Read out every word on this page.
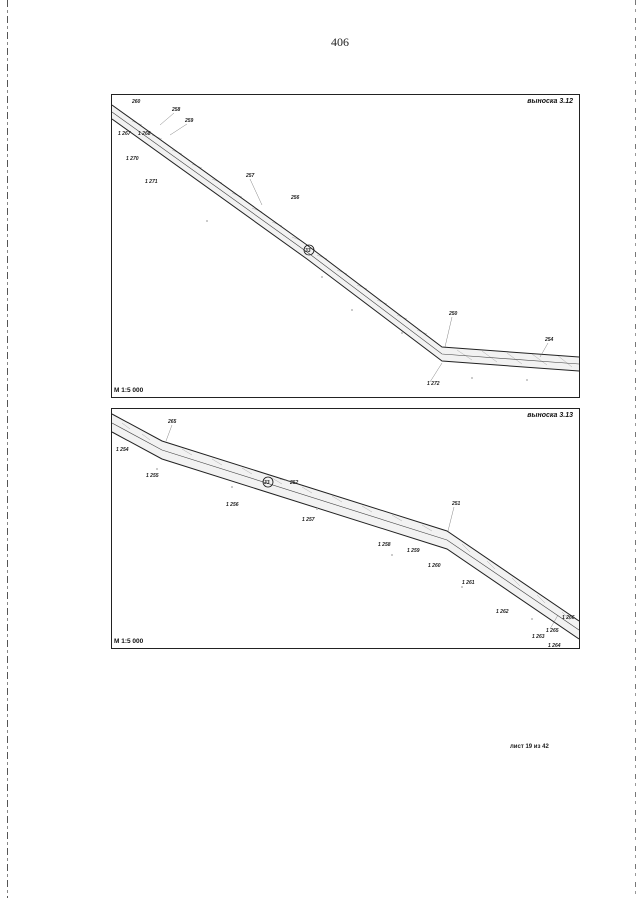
406
33
260
258
259
1 267 1 268
1 270
1 271
257
256
250
254
1 272
выноска 3.12
М 1:5 000
33
265
1 254
1 255
1 256
252
1 257
1 258
251
1 259
1 260
1 261
1 262
1 266
1 263
1 265
1 264
выноска 3.13
М 1:5 000
лист 19 из 42
